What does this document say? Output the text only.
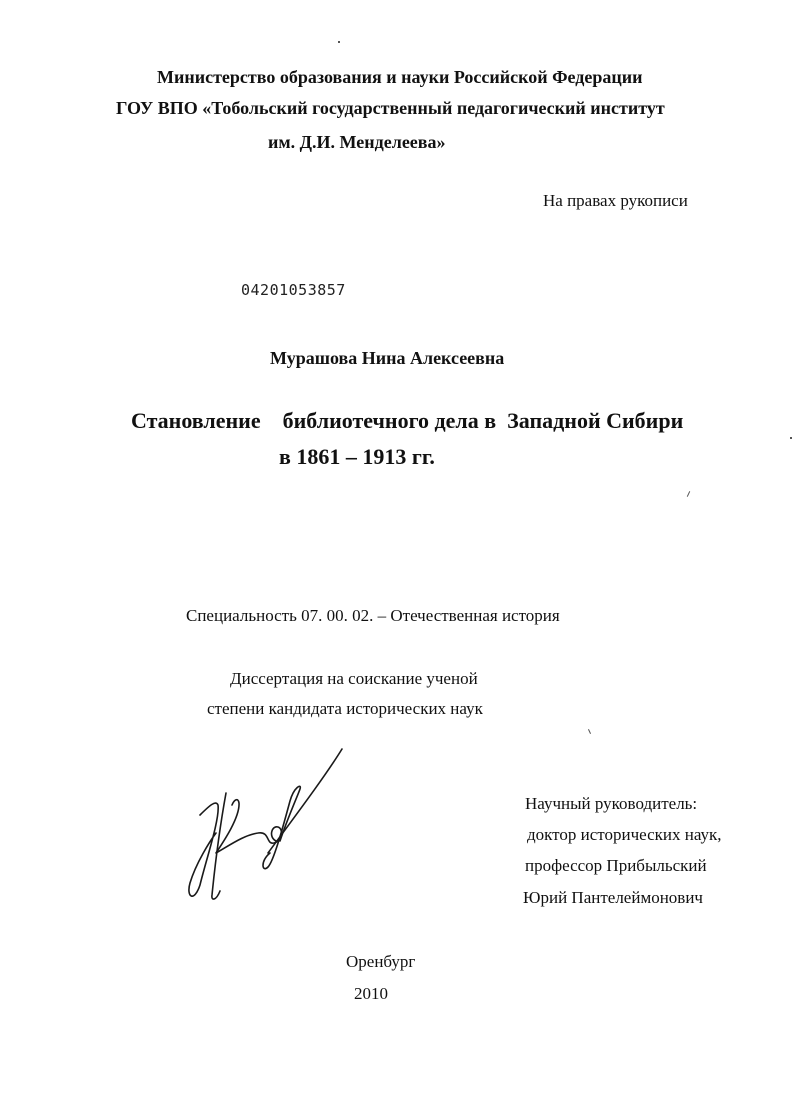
Министерство образования и науки Российской Федерации
ГОУ ВПО «Тобольский государственный педагогический институт
им. Д.И. Менделеева»
На правах рукописи
04201053857
Мурашова Нина Алексеевна
Становление    библиотечного дела в  Западной Сибири
в 1861 – 1913 гг.
Специальность 07. 00. 02. – Отечественная история
Диссертация на соискание ученой
степени кандидата исторических наук
Научный руководитель:
доктор исторических наук,
профессор Прибыльский
Юрий Пантелеймонович
Оренбург
2010
